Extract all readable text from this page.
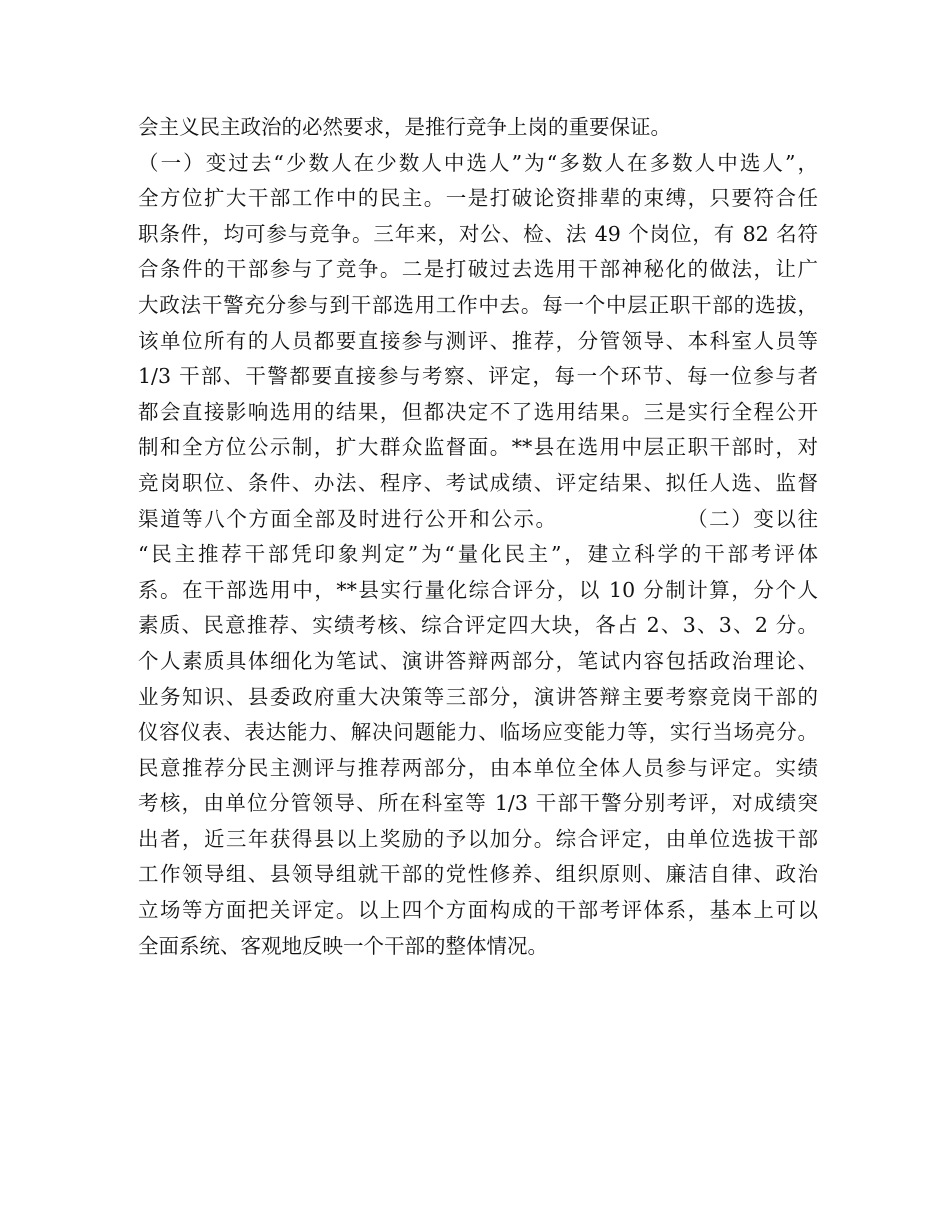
会主义民主政治的必然要求，是推行竞争上岗的重要保证。
（一）变过去“少数人在少数人中选人”为“多数人在多数人中选人”，
全方位扩大干部工作中的民主。一是打破论资排辈的束缚，只要符合任
职条件，均可参与竞争。三年来，对公、检、法 49 个岗位，有 82 名符
合条件的干部参与了竞争。二是打破过去选用干部神秘化的做法，让广
大政法干警充分参与到干部选用工作中去。每一个中层正职干部的选拔，
该单位所有的人员都要直接参与测评、推荐，分管领导、本科室人员等
1/3 干部、干警都要直接参与考察、评定，每一个环节、每一位参与者
都会直接影响选用的结果，但都决定不了选用结果。三是实行全程公开
制和全方位公示制，扩大群众监督面。**县在选用中层正职干部时，对
竞岗职位、条件、办法、程序、考试成绩、评定结果、拟任人选、监督
渠道等八个方面全部及时进行公开和公示。                （二）变以往
“民主推荐干部凭印象判定”为“量化民主”，建立科学的干部考评体
系。在干部选用中，**县实行量化综合评分，以 10 分制计算，分个人
素质、民意推荐、实绩考核、综合评定四大块，各占 2、3、3、2 分。
个人素质具体细化为笔试、演讲答辩两部分，笔试内容包括政治理论、
业务知识、县委政府重大决策等三部分，演讲答辩主要考察竞岗干部的
仪容仪表、表达能力、解决问题能力、临场应变能力等，实行当场亮分。
民意推荐分民主测评与推荐两部分，由本单位全体人员参与评定。实绩
考核，由单位分管领导、所在科室等 1/3 干部干警分别考评，对成绩突
出者，近三年获得县以上奖励的予以加分。综合评定，由单位选拔干部
工作领导组、县领导组就干部的党性修养、组织原则、廉洁自律、政治
立场等方面把关评定。以上四个方面构成的干部考评体系，基本上可以
全面系统、客观地反映一个干部的整体情况。
